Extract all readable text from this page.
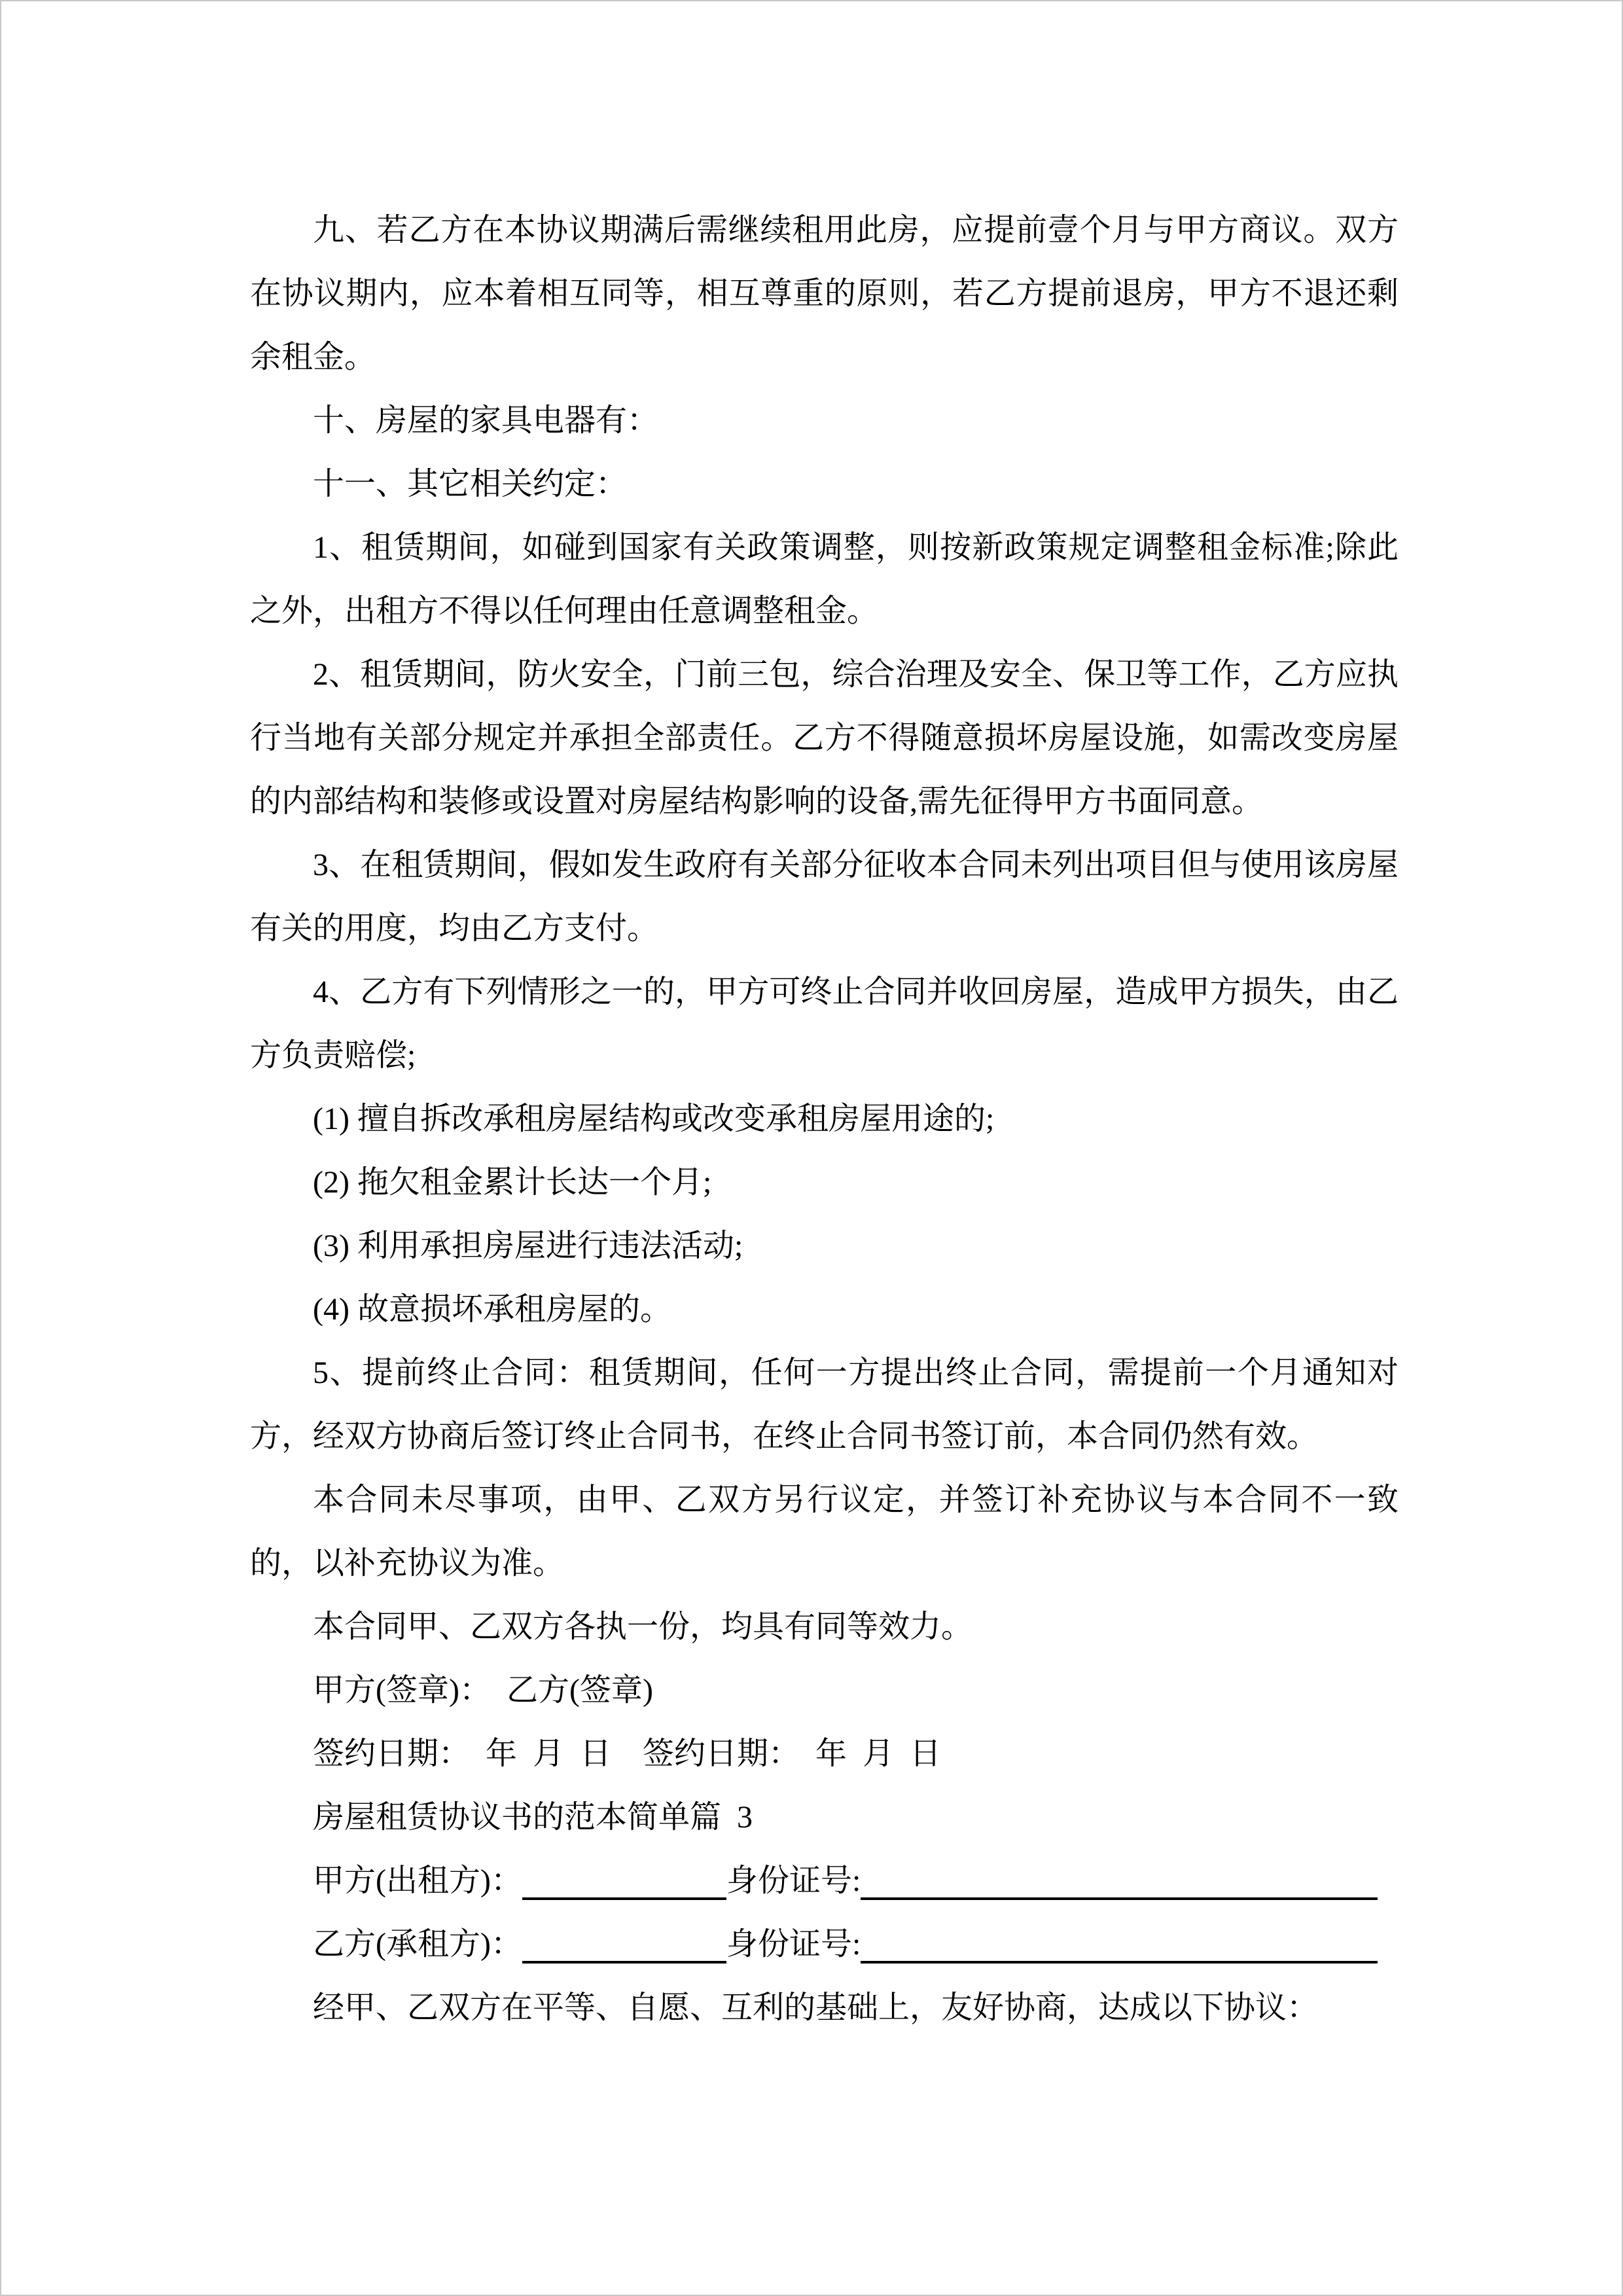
九、若乙方在本协议期满后需继续租用此房，应提前壹个月与甲方商议。双方在协议期内，应本着相互同等，相互尊重的原则，若乙方提前退房，甲方不退还剩余租金。

十、房屋的家具电器有：

十一、其它相关约定：

1、租赁期间，如碰到国家有关政策调整，则按新政策规定调整租金标准;除此之外，出租方不得以任何理由任意调整租金。

2、租赁期间，防火安全，门前三包，综合治理及安全、保卫等工作，乙方应执行当地有关部分规定并承担全部责任。乙方不得随意损坏房屋设施，如需改变房屋的内部结构和装修或设置对房屋结构影响的设备,需先征得甲方书面同意。

3、在租赁期间，假如发生政府有关部分征收本合同未列出项目但与使用该房屋有关的用度，均由乙方支付。

4、乙方有下列情形之一的，甲方可终止合同并收回房屋，造成甲方损失，由乙方负责赔偿;

(1) 擅自拆改承租房屋结构或改变承租房屋用途的;

(2) 拖欠租金累计长达一个月;

(3) 利用承担房屋进行违法活动;

(4) 故意损坏承租房屋的。

5、提前终止合同：租赁期间，任何一方提出终止合同，需提前一个月通知对方，经双方协商后签订终止合同书，在终止合同书签订前，本合同仍然有效。

本合同未尽事项，由甲、乙双方另行议定，并签订补充协议与本合同不一致的，以补充协议为准。

本合同甲、乙双方各执一份，均具有同等效力。

甲方(签章)： 乙方(签章)

签约日期： 年 月 日　签约日期： 年 月 日

房屋租赁协议书的范本简单篇 3

甲方(出租方)：	身份证号:

乙方(承租方)：	身份证号:

经甲、乙双方在平等、自愿、互利的基础上，友好协商，达成以下协议：
